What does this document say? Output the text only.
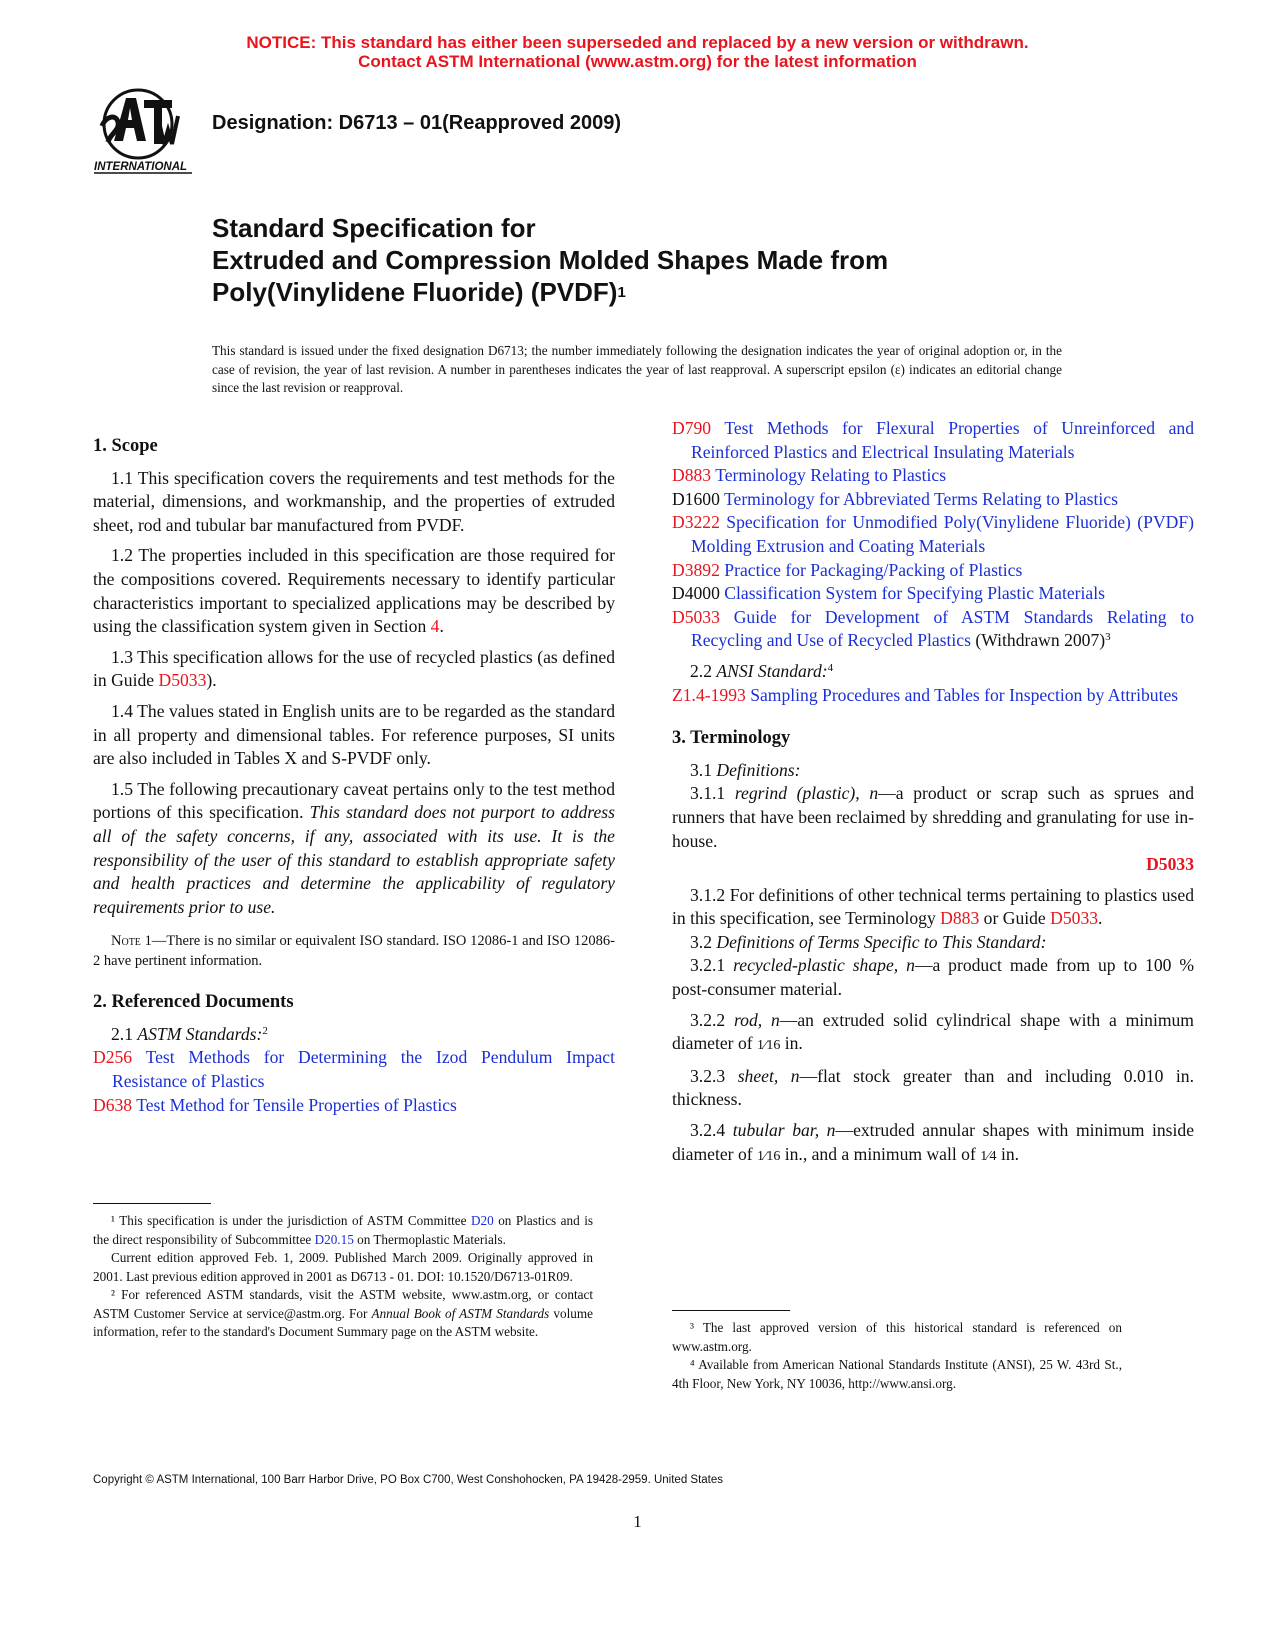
NOTICE: This standard has either been superseded and replaced by a new version or withdrawn.
Contact ASTM International (www.astm.org) for the latest information
INTERNATIONAL
Designation: D6713 – 01(Reapproved 2009)
Standard Specification for
Extruded and Compression Molded Shapes Made from
Poly(Vinylidene Fluoride) (PVDF)$^1$
This standard is issued under the fixed designation D6713; the number immediately following the designation indicates the year of original adoption or, in the case of revision, the year of last revision. A number in parentheses indicates the year of last reapproval. A superscript epsilon (ε) indicates an editorial change since the last revision or reapproval.
1. Scope

1.1 This specification covers the requirements and test methods for the material, dimensions, and workmanship, and the properties of extruded sheet, rod and tubular bar manufactured from PVDF.

1.2 The properties included in this specification are those required for the compositions covered. Requirements necessary to identify particular characteristics important to specialized applications may be described by using the classification system given in Section 4.

1.3 This specification allows for the use of recycled plastics (as defined in Guide D5033).

1.4 The values stated in English units are to be regarded as the standard in all property and dimensional tables. For reference purposes, SI units are also included in Tables X and S-PVDF only.

1.5 The following precautionary caveat pertains only to the test method portions of this specification. This standard does not purport to address all of the safety concerns, if any, associated with its use. It is the responsibility of the user of this standard to establish appropriate safety and health practices and determine the applicability of regulatory requirements prior to use.

Note 1—There is no similar or equivalent ISO standard. ISO 12086-1 and ISO 12086-2 have pertinent information.

2. Referenced Documents

2.1 ASTM Standards:$^2$

D256 Test Methods for Determining the Izod Pendulum Impact Resistance of Plastics
D638 Test Method for Tensile Properties of Plastics
D790 Test Methods for Flexural Properties of Unreinforced and Reinforced Plastics and Electrical Insulating Materials
D883 Terminology Relating to Plastics
D1600 Terminology for Abbreviated Terms Relating to Plastics
D3222 Specification for Unmodified Poly(Vinylidene Fluoride) (PVDF) Molding Extrusion and Coating Materials
D3892 Practice for Packaging/Packing of Plastics
D4000 Classification System for Specifying Plastic Materials
D5033 Guide for Development of ASTM Standards Relating to Recycling and Use of Recycled Plastics (Withdrawn 2007)$^3$

2.2 ANSI Standard:$^4$

Z1.4-1993 Sampling Procedures and Tables for Inspection by Attributes
3. Terminology

3.1 Definitions:

3.1.1 regrind (plastic), n—a product or scrap such as sprues and runners that have been reclaimed by shredding and granulating for use in-house.

D5033

3.1.2 For definitions of other technical terms pertaining to plastics used in this specification, see Terminology D883 or Guide D5033.

3.2 Definitions of Terms Specific to This Standard:

3.2.1 recycled-plastic shape, n—a product made from up to 100 % post-consumer material.

3.2.2 rod, n—an extruded solid cylindrical shape with a minimum diameter of 1⁄16 in.

3.2.3 sheet, n—flat stock greater than and including 0.010 in. thickness.

3.2.4 tubular bar, n—extruded annular shapes with minimum inside diameter of 1⁄16 in., and a minimum wall of 1⁄4 in.

¹ This specification is under the jurisdiction of ASTM Committee D20 on Plastics and is the direct responsibility of Subcommittee D20.15 on Thermoplastic Materials.

Current edition approved Feb. 1, 2009. Published March 2009. Originally approved in 2001. Last previous edition approved in 2001 as D6713 - 01. DOI: 10.1520/D6713-01R09.

² For referenced ASTM standards, visit the ASTM website, www.astm.org, or contact ASTM Customer Service at service@astm.org. For Annual Book of ASTM Standards volume information, refer to the standard's Document Summary page on the ASTM website.	³ The last approved version of this historical standard is referenced on www.astm.org.

⁴ Available from American National Standards Institute (ANSI), 25 W. 43rd St., 4th Floor, New York, NY 10036, http://www.ansi.org.

Copyright © ASTM International, 100 Barr Harbor Drive, PO Box C700, West Conshohocken, PA 19428-2959. United States
1
